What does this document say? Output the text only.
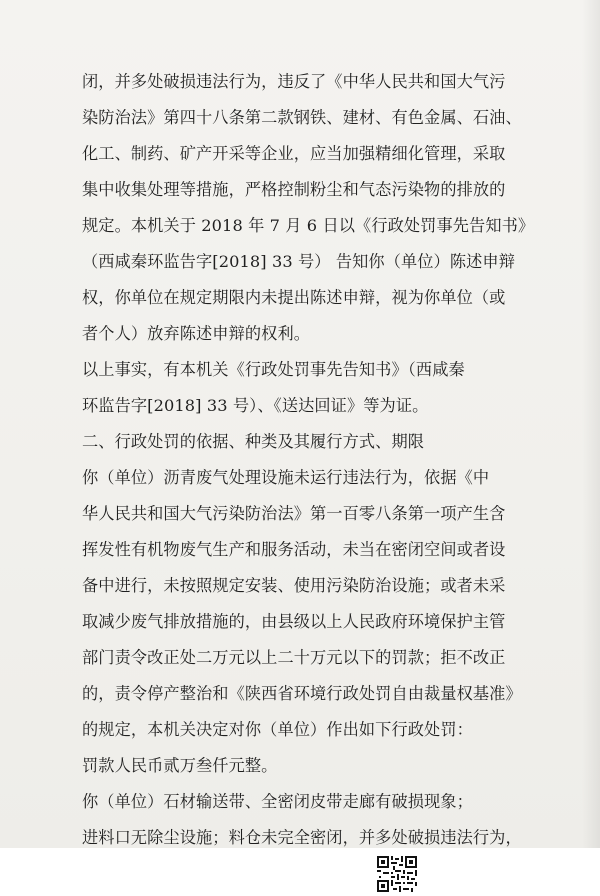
闭，并多处破损违法行为，违反了《中华人民共和国大气污
染防治法》第四十八条第二款钢铁、建材、有色金属、石油、
化工、制药、矿产开采等企业，应当加强精细化管理，采取
集中收集处理等措施，严格控制粉尘和气态污染物的排放的
规定。本机关于 2018 年 7 月 6 日以《行政处罚事先告知书》
（西咸秦环监告字[2018] 33 号） 告知你（单位）陈述申辩
权，你单位在规定期限内未提出陈述申辩，视为你单位（或
者个人）放弃陈述申辩的权利。
以上事实，有本机关《行政处罚事先告知书》（西咸秦
环监告字[2018] 33 号）、《送达回证》等为证。
二、行政处罚的依据、种类及其履行方式、期限
你（单位）沥青废气处理设施未运行违法行为，依据《中
华人民共和国大气污染防治法》第一百零八条第一项产生含
挥发性有机物废气生产和服务活动，未当在密闭空间或者设
备中进行，未按照规定安装、使用污染防治设施；或者未采
取减少废气排放措施的，由县级以上人民政府环境保护主管
部门责令改正处二万元以上二十万元以下的罚款；拒不改正
的，责令停产整治和《陕西省环境行政处罚自由裁量权基准》
的规定，本机关决定对你（单位）作出如下行政处罚：
罚款人民币贰万叁仟元整。
你（单位）石材输送带、全密闭皮带走廊有破损现象；
进料口无除尘设施；料仓未完全密闭，并多处破损违法行为，
